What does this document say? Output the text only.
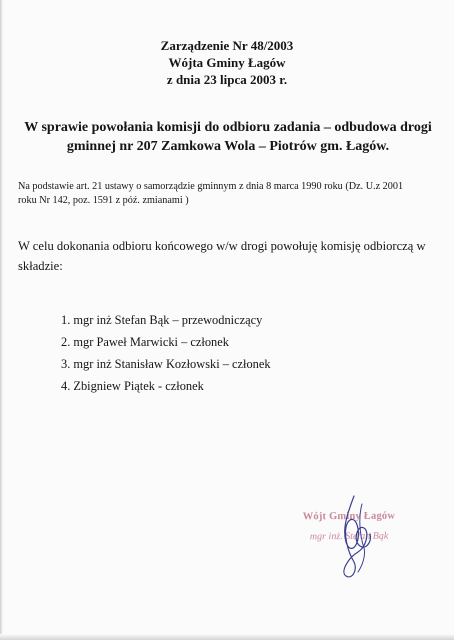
Zarządzenie Nr 48/2003
Wójta Gminy Łagów
z dnia 23 lipca 2003 r.
W sprawie powołania komisji do odbioru zadania – odbudowa drogi
gminnej nr 207 Zamkowa Wola – Piotrów gm. Łagów.
Na podstawie art. 21 ustawy o samorządzie gminnym z dnia 8 marca 1990 roku (Dz. U.z 2001
roku Nr 142, poz. 1591 z póź. zmianami )
W celu dokonania odbioru końcowego w/w drogi powołuję komisję odbiorczą w
składzie:
1. mgr inż Stefan Bąk – przewodniczący
2. mgr Paweł Marwicki – członek
3. mgr inż Stanisław Kozłowski – członek
4. Zbigniew Piątek - członek
Wójt Gminy Łagów
mgr inż. Stefan Bąk
